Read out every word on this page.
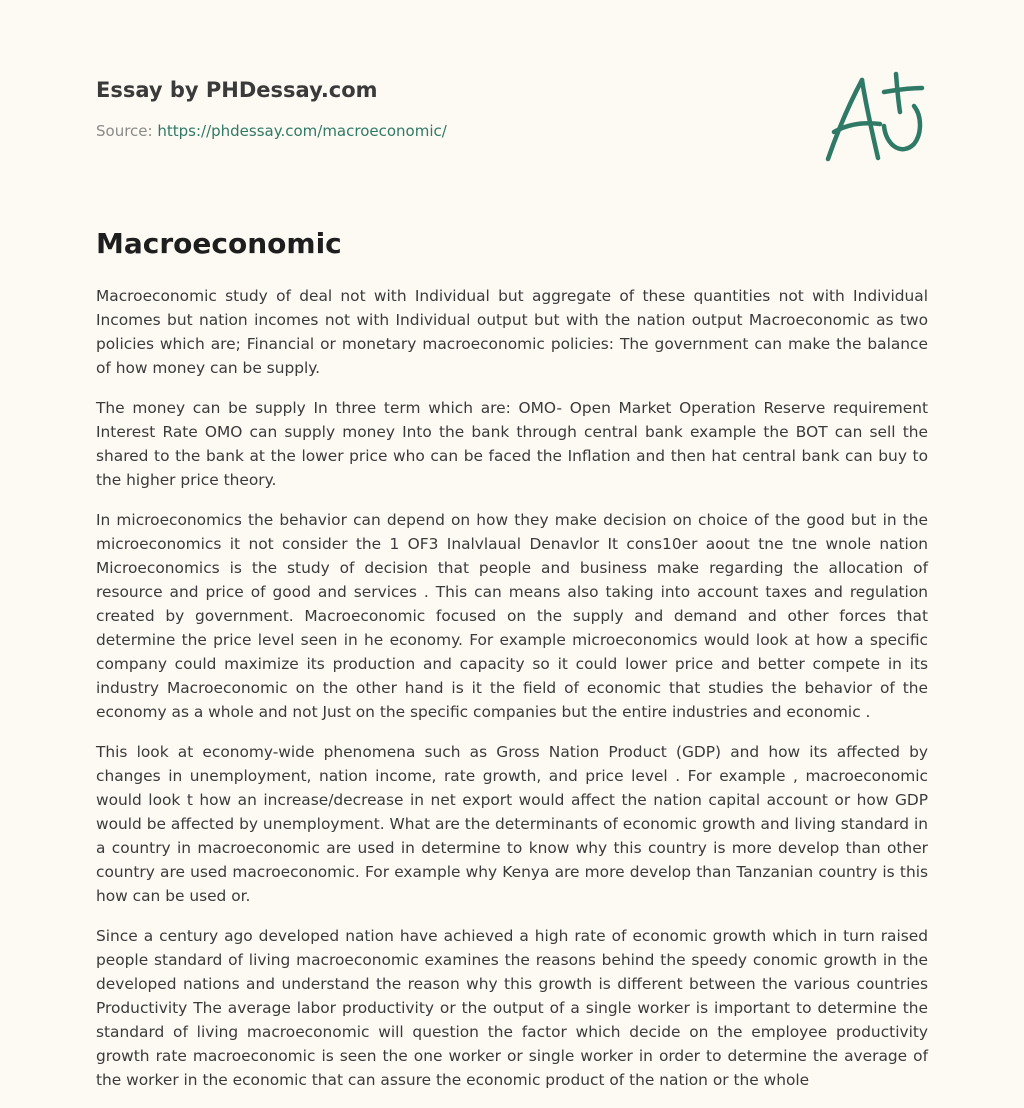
Essay by PHDessay.com
Source: https://phdessay.com/macroeconomic/
Macroeconomic

Macroeconomic study of deal not with Individual but aggregate of these quantities not with Individual Incomes but nation incomes not with Individual output but with the nation output Macroeconomic as two policies which are; Financial or monetary macroeconomic policies: The government can make the balance of how money can be supply.

The money can be supply In three term which are: OMO- Open Market Operation Reserve requirement Interest Rate OMO can supply money Into the bank through central bank example the BOT can sell the shared to the bank at the lower price who can be faced the Inflation and then hat central bank can buy to the higher price theory.

In microeconomics the behavior can depend on how they make decision on choice of the good but in the microeconomics it not consider the 1 OF3 Inalvlaual Denavlor It cons10er aoout tne tne wnole nation Microeconomics is the study of decision that people and business make regarding the allocation of resource and price of good and services . This can means also taking into account taxes and regulation created by government. Macroeconomic focused on the supply and demand and other forces that determine the price level seen in he economy. For example microeconomics would look at how a specific company could maximize its production and capacity so it could lower price and better compete in its industry Macroeconomic on the other hand is it the field of economic that studies the behavior of the economy as a whole and not Just on the specific companies but the entire industries and economic .

This look at economy-wide phenomena such as Gross Nation Product (GDP) and how its affected by changes in unemployment, nation income, rate growth, and price level . For example , macroeconomic would look t how an increase/decrease in net export would affect the nation capital account or how GDP would be affected by unemployment. What are the determinants of economic growth and living standard in a country in macroeconomic are used in determine to know why this country is more develop than other country are used macroeconomic. For example why Kenya are more develop than Tanzanian country is this how can be used or.

Since a century ago developed nation have achieved a high rate of economic growth which in turn raised people standard of living macroeconomic examines the reasons behind the speedy conomic growth in the developed nations and understand the reason why this growth is different between the various countries Productivity The average labor productivity or the output of a single worker is important to determine the standard of living macroeconomic will question the factor which decide on the employee productivity growth rate macroeconomic is seen the one worker or single worker in order to determine the average of the worker in the economic that can assure the economic product of the nation or the whole
